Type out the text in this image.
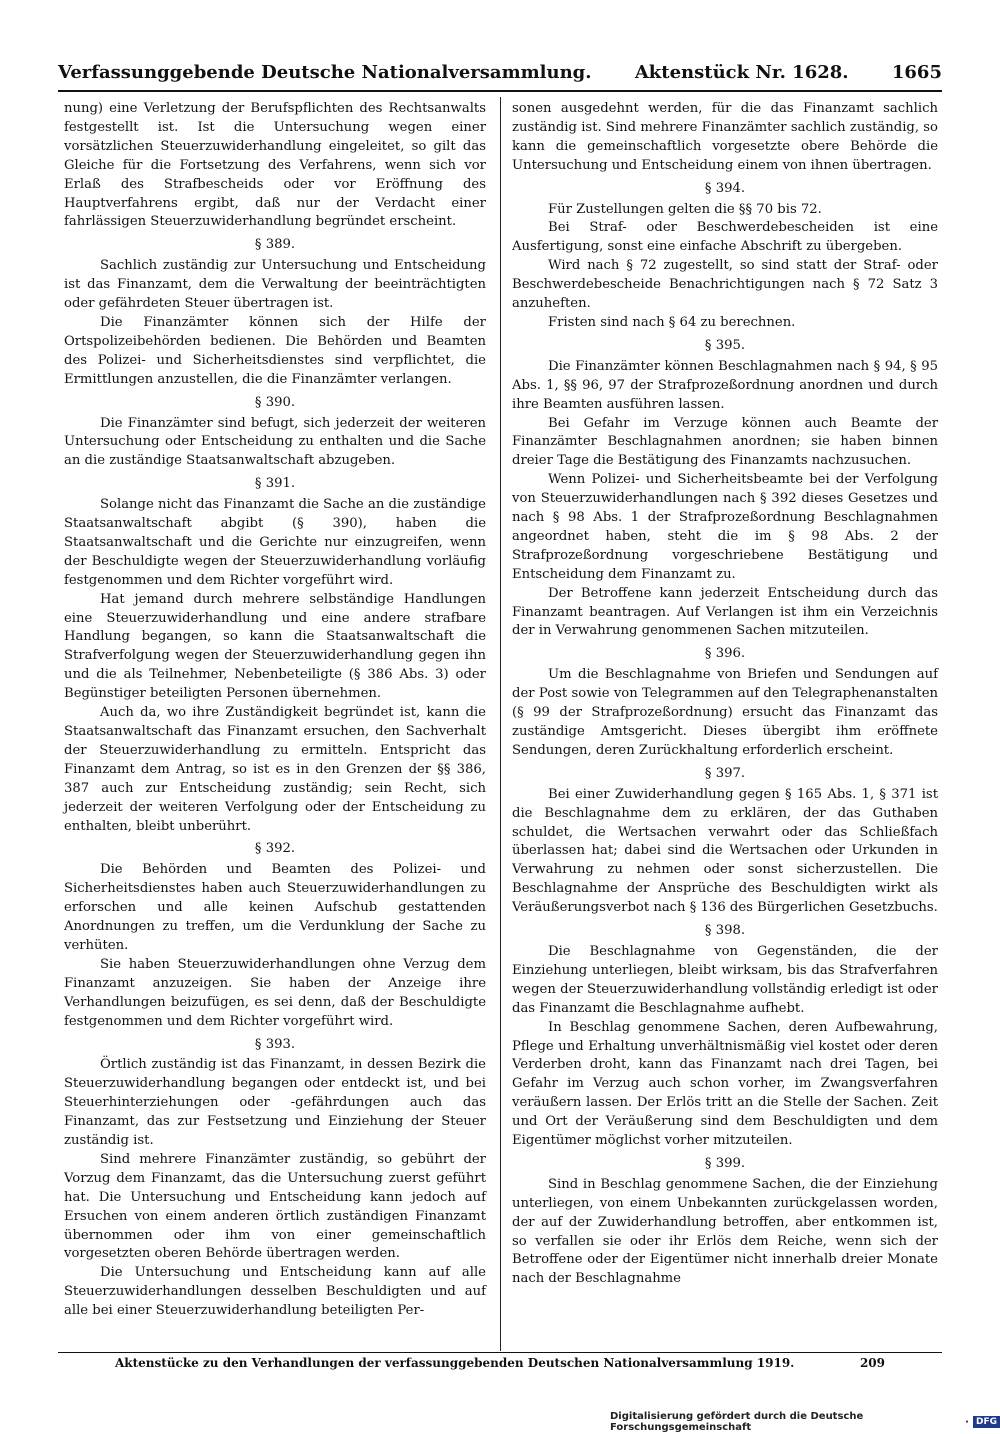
Verfassunggebende Deutsche Nationalversammlung. Aktenstück Nr. 1628. 1665

nung) eine Verletzung der Berufspflichten des Rechtsanwalts festgestellt ist. Ist die Untersuchung wegen einer vorsätzlichen Steuerzuwiderhandlung eingeleitet, so gilt das Gleiche für die Fortsetzung des Verfahrens, wenn sich vor Erlaß des Strafbescheids oder vor Eröffnung des Hauptverfahrens ergibt, daß nur der Verdacht einer fahrlässigen Steuerzuwiderhandlung begründet erscheint.

§ 389.

Sachlich zuständig zur Untersuchung und Entscheidung ist das Finanzamt, dem die Verwaltung der beeinträchtigten oder gefährdeten Steuer übertragen ist.

Die Finanzämter können sich der Hilfe der Ortspolizeibehörden bedienen. Die Behörden und Beamten des Polizei- und Sicherheitsdienstes sind verpflichtet, die Ermittlungen anzustellen, die die Finanzämter verlangen.

§ 390.

Die Finanzämter sind befugt, sich jederzeit der weiteren Untersuchung oder Entscheidung zu enthalten und die Sache an die zuständige Staatsanwaltschaft abzugeben.

§ 391.

Solange nicht das Finanzamt die Sache an die zuständige Staatsanwaltschaft abgibt (§ 390), haben die Staatsanwaltschaft und die Gerichte nur einzugreifen, wenn der Beschuldigte wegen der Steuerzuwiderhandlung vorläufig festgenommen und dem Richter vorgeführt wird.

Hat jemand durch mehrere selbständige Handlungen eine Steuerzuwiderhandlung und eine andere strafbare Handlung begangen, so kann die Staatsanwaltschaft die Strafverfolgung wegen der Steuerzuwiderhandlung gegen ihn und die als Teilnehmer, Nebenbeteiligte (§ 386 Abs. 3) oder Begünstiger beteiligten Personen übernehmen.

Auch da, wo ihre Zuständigkeit begründet ist, kann die Staatsanwaltschaft das Finanzamt ersuchen, den Sachverhalt der Steuerzuwiderhandlung zu ermitteln. Entspricht das Finanzamt dem Antrag, so ist es in den Grenzen der §§ 386, 387 auch zur Entscheidung zuständig; sein Recht, sich jederzeit der weiteren Verfolgung oder der Entscheidung zu enthalten, bleibt unberührt.

§ 392.

Die Behörden und Beamten des Polizei- und Sicherheitsdienstes haben auch Steuerzuwiderhandlungen zu erforschen und alle keinen Aufschub gestattenden Anordnungen zu treffen, um die Verdunklung der Sache zu verhüten.

Sie haben Steuerzuwiderhandlungen ohne Verzug dem Finanzamt anzuzeigen. Sie haben der Anzeige ihre Verhandlungen beizufügen, es sei denn, daß der Beschuldigte festgenommen und dem Richter vorgeführt wird.

§ 393.

Örtlich zuständig ist das Finanzamt, in dessen Bezirk die Steuerzuwiderhandlung begangen oder entdeckt ist, und bei Steuerhinterziehungen oder -gefährdungen auch das Finanzamt, das zur Festsetzung und Einziehung der Steuer zuständig ist.

Sind mehrere Finanzämter zuständig, so gebührt der Vorzug dem Finanzamt, das die Untersuchung zuerst geführt hat. Die Untersuchung und Entscheidung kann jedoch auf Ersuchen von einem anderen örtlich zuständigen Finanzamt übernommen oder ihm von einer gemeinschaftlich vorgesetzten oberen Behörde übertragen werden.

Die Untersuchung und Entscheidung kann auf alle Steuerzuwiderhandlungen desselben Beschuldigten und auf alle bei einer Steuerzuwiderhandlung beteiligten Per-

sonen ausgedehnt werden, für die das Finanzamt sachlich zuständig ist. Sind mehrere Finanzämter sachlich zuständig, so kann die gemeinschaftlich vorgesetzte obere Behörde die Untersuchung und Entscheidung einem von ihnen übertragen.

§ 394.

Für Zustellungen gelten die §§ 70 bis 72.

Bei Straf- oder Beschwerdebescheiden ist eine Ausfertigung, sonst eine einfache Abschrift zu übergeben.

Wird nach § 72 zugestellt, so sind statt der Straf- oder Beschwerdebescheide Benachrichtigungen nach § 72 Satz 3 anzuheften.

Fristen sind nach § 64 zu berechnen.

§ 395.

Die Finanzämter können Beschlagnahmen nach § 94, § 95 Abs. 1, §§ 96, 97 der Strafprozeßordnung anordnen und durch ihre Beamten ausführen lassen.

Bei Gefahr im Verzuge können auch Beamte der Finanzämter Beschlagnahmen anordnen; sie haben binnen dreier Tage die Bestätigung des Finanzamts nachzusuchen.

Wenn Polizei- und Sicherheitsbeamte bei der Verfolgung von Steuerzuwiderhandlungen nach § 392 dieses Gesetzes und nach § 98 Abs. 1 der Strafprozeßordnung Beschlagnahmen angeordnet haben, steht die im § 98 Abs. 2 der Strafprozeßordnung vorgeschriebene Bestätigung und Entscheidung dem Finanzamt zu.

Der Betroffene kann jederzeit Entscheidung durch das Finanzamt beantragen. Auf Verlangen ist ihm ein Verzeichnis der in Verwahrung genommenen Sachen mitzuteilen.

§ 396.

Um die Beschlagnahme von Briefen und Sendungen auf der Post sowie von Telegrammen auf den Telegraphenanstalten (§ 99 der Strafprozeßordnung) ersucht das Finanzamt das zuständige Amtsgericht. Dieses übergibt ihm eröffnete Sendungen, deren Zurückhaltung erforderlich erscheint.

§ 397.

Bei einer Zuwiderhandlung gegen § 165 Abs. 1, § 371 ist die Beschlagnahme dem zu erklären, der das Guthaben schuldet, die Wertsachen verwahrt oder das Schließfach überlassen hat; dabei sind die Wertsachen oder Urkunden in Verwahrung zu nehmen oder sonst sicherzustellen. Die Beschlagnahme der Ansprüche des Beschuldigten wirkt als Veräußerungsverbot nach § 136 des Bürgerlichen Gesetzbuchs.

§ 398.

Die Beschlagnahme von Gegenständen, die der Einziehung unterliegen, bleibt wirksam, bis das Strafverfahren wegen der Steuerzuwiderhandlung vollständig erledigt ist oder das Finanzamt die Beschlagnahme aufhebt.

In Beschlag genommene Sachen, deren Aufbewahrung, Pflege und Erhaltung unverhältnismäßig viel kostet oder deren Verderben droht, kann das Finanzamt nach drei Tagen, bei Gefahr im Verzug auch schon vorher, im Zwangsverfahren veräußern lassen. Der Erlös tritt an die Stelle der Sachen. Zeit und Ort der Veräußerung sind dem Beschuldigten und dem Eigentümer möglichst vorher mitzuteilen.

§ 399.

Sind in Beschlag genommene Sachen, die der Einziehung unterliegen, von einem Unbekannten zurückgelassen worden, der auf der Zuwiderhandlung betroffen, aber entkommen ist, so verfallen sie oder ihr Erlös dem Reiche, wenn sich der Betroffene oder der Eigentümer nicht innerhalb dreier Monate nach der Beschlagnahme

Aktenstücke zu den Verhandlungen der verfassunggebenden Deutschen Nationalversammlung 1919.	209
Digitalisierung gefördert durch die Deutsche Forschungsgemeinschaft	· DFG
